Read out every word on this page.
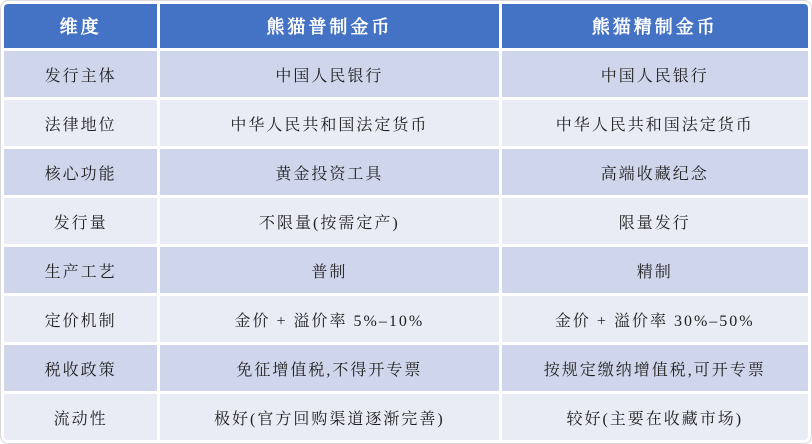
维度	熊猫普制金币	熊猫精制金币
发行主体	中国人民银行	中国人民银行
法律地位	中华人民共和国法定货币	中华人民共和国法定货币
核心功能	黄金投资工具	高端收藏纪念
发行量	不限量(按需定产)	限量发行
生产工艺	普制	精制
定价机制	金价 + 溢价率 5%–10%	金价 + 溢价率 30%–50%
税收政策	免征增值税,不得开专票	按规定缴纳增值税,可开专票
流动性	极好(官方回购渠道逐渐完善)	较好(主要在收藏市场)
